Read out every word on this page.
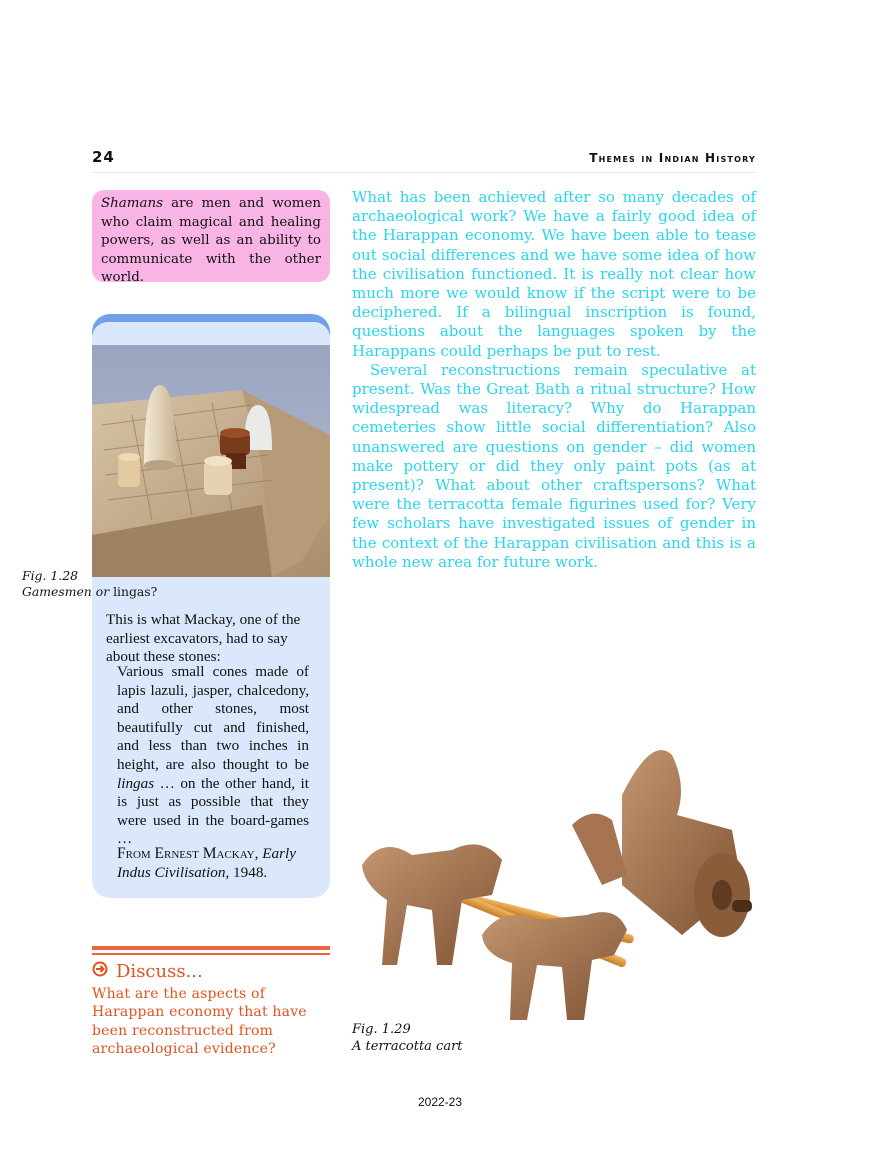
24	Themes in Indian History
Shamans are men and women who claim magical and healing powers, as well as an ability to communicate with the other world.
Fig. 1.28
Gamesmen or lingas?
This is what Mackay, one of the earliest excavators, had to say about these stones:
Various small cones made of lapis lazuli, jasper, chalcedony, and other stones, most beautifully cut and finished, and less than two inches in height, are also thought to be lingas … on the other hand, it is just as possible that they were used in the board-games …
From Ernest Mackay, Early Indus Civilisation, 1948.
Discuss...
What are the aspects of Harappan economy that have been reconstructed from archaeological evidence?

What has been achieved after so many decades of archaeological work? We have a fairly good idea of the Harappan economy. We have been able to tease out social differences and we have some idea of how the civilisation functioned. It is really not clear how much more we would know if the script were to be deciphered. If a bilingual inscription is found, questions about the languages spoken by the Harappans could perhaps be put to rest.

Several reconstructions remain speculative at present. Was the Great Bath a ritual structure? How widespread was literacy? Why do Harappan cemeteries show little social differentiation? Also unanswered are questions on gender – did women make pottery or did they only paint pots (as at present)? What about other craftspersons? What were the terracotta female figurines used for? Very few scholars have investigated issues of gender in the context of the Harappan civilisation and this is a whole new area for future work.

Fig. 1.29
A terracotta cart
2022-23
